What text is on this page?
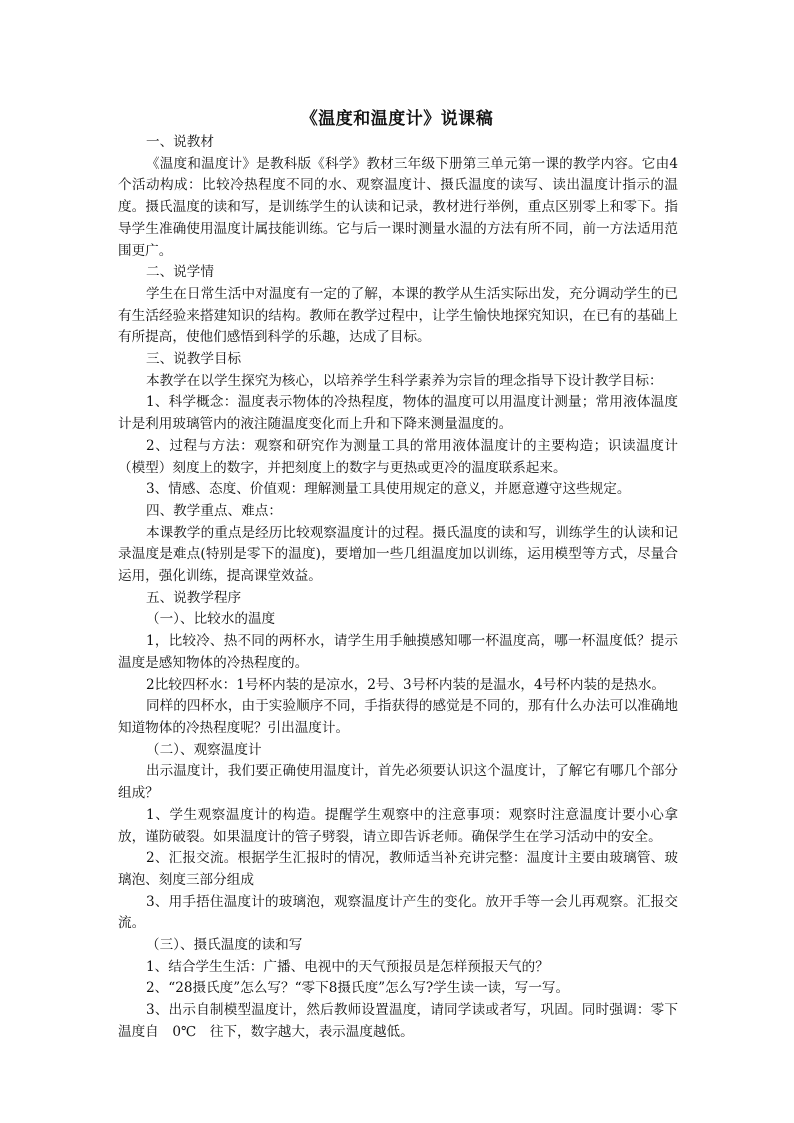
《温度和温度计》说课稿

一、说教材

《温度和温度计》是教科版《科学》教材三年级下册第三单元第一课的教学内容。它由4个活动构成：比较冷热程度不同的水、观察温度计、摄氏温度的读写、读出温度计指示的温度。摄氏温度的读和写，是训练学生的认读和记录，教材进行举例，重点区别零上和零下。指导学生准确使用温度计属技能训练。它与后一课时测量水温的方法有所不同，前一方法适用范围更广。

二、说学情

学生在日常生活中对温度有一定的了解，本课的教学从生活实际出发，充分调动学生的已有生活经验来搭建知识的结构。教师在教学过程中，让学生愉快地探究知识，在已有的基础上有所提高，使他们感悟到科学的乐趣，达成了目标。

三、说教学目标

本教学在以学生探究为核心，以培养学生科学素养为宗旨的理念指导下设计教学目标：

1、科学概念：温度表示物体的冷热程度，物体的温度可以用温度计测量；常用液体温度计是利用玻璃管内的液注随温度变化而上升和下降来测量温度的。

2、过程与方法：观察和研究作为测量工具的常用液体温度计的主要构造；识读温度计（模型）刻度上的数字，并把刻度上的数字与更热或更冷的温度联系起来。

3、情感、态度、价值观：理解测量工具使用规定的意义，并愿意遵守这些规定。

四、教学重点、难点：

本课教学的重点是经历比较观察温度计的过程。摄氏温度的读和写，训练学生的认读和记录温度是难点(特别是零下的温度)，要增加一些几组温度加以训练，运用模型等方式，尽量合运用，强化训练，提高课堂效益。

五、说教学程序

（一）、比较水的温度

1，比较冷、热不同的两杯水，请学生用手触摸感知哪一杯温度高，哪一杯温度低？提示温度是感知物体的冷热程度的。

2比较四杯水：1号杯内装的是凉水，2号、3号杯内装的是温水，4号杯内装的是热水。

同样的四杯水，由于实验顺序不同，手指获得的感觉是不同的，那有什么办法可以准确地知道物体的冷热程度呢？引出温度计。

（二）、观察温度计

出示温度计，我们要正确使用温度计，首先必须要认识这个温度计，了解它有哪几个部分组成？

1、学生观察温度计的构造。提醒学生观察中的注意事项：观察时注意温度计要小心拿放，谨防破裂。如果温度计的管子劈裂，请立即告诉老师。确保学生在学习活动中的安全。

2、汇报交流。根据学生汇报时的情况，教师适当补充讲完整：温度计主要由玻璃管、玻璃泡、刻度三部分组成

3、用手捂住温度计的玻璃泡，观察温度计产生的变化。放开手等一会儿再观察。汇报交流。

（三）、摄氏温度的读和写

1、结合学生生活：广播、电视中的天气预报员是怎样预报天气的？

2、“28摄氏度”怎么写？“零下8摄氏度”怎么写?学生读一读，写一写。

3、出示自制模型温度计，然后教师设置温度，请同学读或者写，巩固。同时强调：零下温度自　0℃　往下，数字越大，表示温度越低。
